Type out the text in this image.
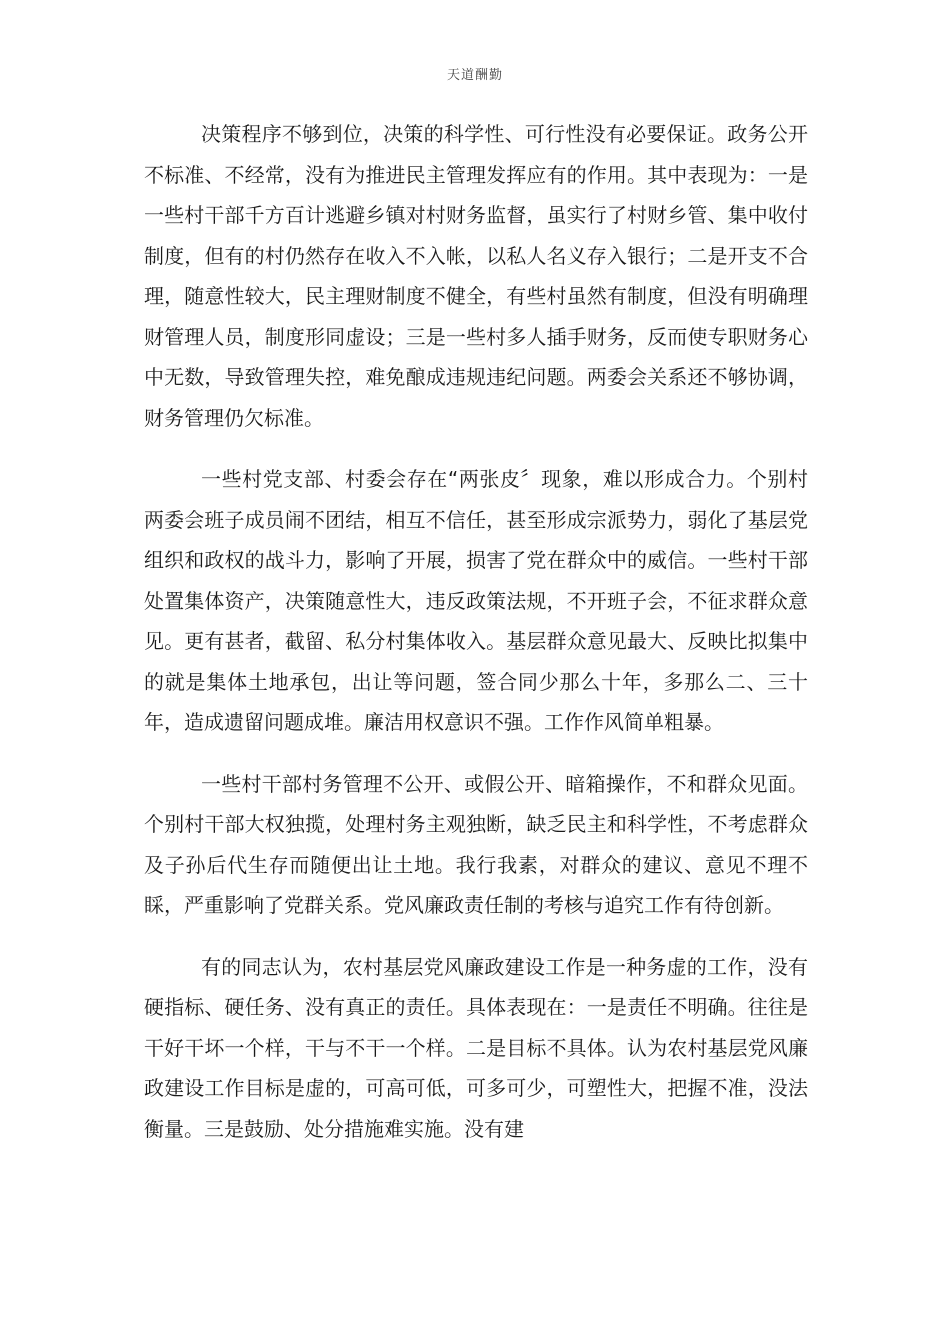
天道酬勤

决策程序不够到位，决策的科学性、可行性没有必要保证。政务公开不标准、不经常，没有为推进民主管理发挥应有的作用。其中表现为：一是一些村干部千方百计逃避乡镇对村财务监督，虽实行了村财乡管、集中收付制度，但有的村仍然存在收入不入帐，以私人名义存入银行；二是开支不合理，随意性较大，民主理财制度不健全，有些村虽然有制度，但没有明确理财管理人员，制度形同虚设；三是一些村多人插手财务，反而使专职财务心中无数，导致管理失控，难免酿成违规违纪问题。两委会关系还不够协调，财务管理仍欠标准。

一些村党支部、村委会存在“两张皮〞现象，难以形成合力。个别村两委会班子成员闹不团结，相互不信任，甚至形成宗派势力，弱化了基层党组织和政权的战斗力，影响了开展，损害了党在群众中的威信。一些村干部处置集体资产，决策随意性大，违反政策法规，不开班子会，不征求群众意见。更有甚者，截留、私分村集体收入。基层群众意见最大、反映比拟集中的就是集体土地承包，出让等问题，签合同少那么十年，多那么二、三十年，造成遗留问题成堆。廉洁用权意识不强。工作作风简单粗暴。

一些村干部村务管理不公开、或假公开、暗箱操作，不和群众见面。个别村干部大权独揽，处理村务主观独断，缺乏民主和科学性，不考虑群众及子孙后代生存而随便出让土地。我行我素，对群众的建议、意见不理不睬，严重影响了党群关系。党风廉政责任制的考核与追究工作有待创新。

有的同志认为，农村基层党风廉政建设工作是一种务虚的工作，没有硬指标、硬任务、没有真正的责任。具体表现在：一是责任不明确。往往是干好干坏一个样，干与不干一个样。二是目标不具体。认为农村基层党风廉政建设工作目标是虚的，可高可低，可多可少，可塑性大，把握不准，没法衡量。三是鼓励、处分措施难实施。没有建
